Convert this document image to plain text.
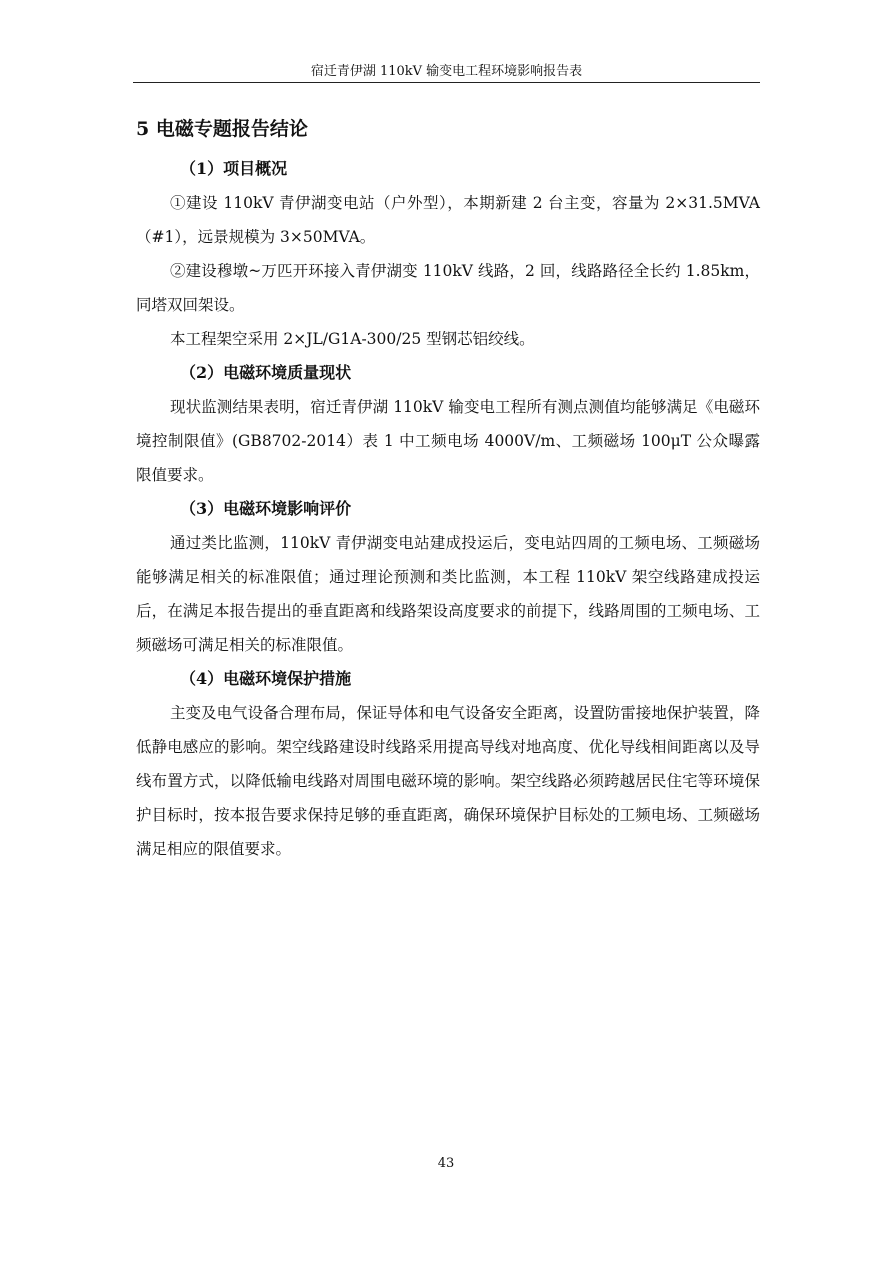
宿迁青伊湖 110kV 输变电工程环境影响报告表
5 电磁专题报告结论
（1）项目概况

①建设 110kV 青伊湖变电站（户外型），本期新建 2 台主变，容量为 2×31.5MVA（#1），远景规模为 3×50MVA。

②建设穆墩~万匹开环接入青伊湖变 110kV 线路，2 回，线路路径全长约 1.85km，同塔双回架设。

本工程架空采用 2×JL/G1A-300/25 型钢芯铝绞线。

（2）电磁环境质量现状

现状监测结果表明，宿迁青伊湖 110kV 输变电工程所有测点测值均能够满足《电磁环境控制限值》(GB8702-2014）表 1 中工频电场 4000V/m、工频磁场 100μT 公众曝露限值要求。

（3）电磁环境影响评价

通过类比监测，110kV 青伊湖变电站建成投运后，变电站四周的工频电场、工频磁场能够满足相关的标准限值；通过理论预测和类比监测，本工程 110kV 架空线路建成投运后，在满足本报告提出的垂直距离和线路架设高度要求的前提下，线路周围的工频电场、工频磁场可满足相关的标准限值。

（4）电磁环境保护措施

主变及电气设备合理布局，保证导体和电气设备安全距离，设置防雷接地保护装置，降低静电感应的影响。架空线路建设时线路采用提高导线对地高度、优化导线相间距离以及导线布置方式，以降低输电线路对周围电磁环境的影响。架空线路必须跨越居民住宅等环境保护目标时，按本报告要求保持足够的垂直距离，确保环境保护目标处的工频电场、工频磁场满足相应的限值要求。

43
